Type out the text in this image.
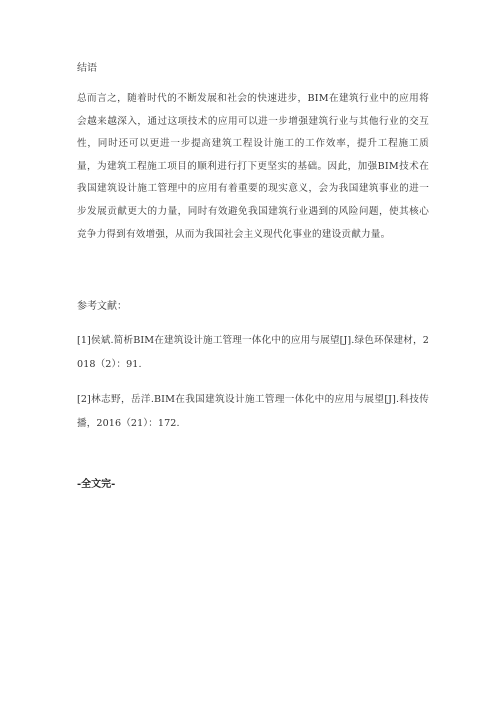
结语
总而言之，随着时代的不断发展和社会的快速进步，BIM在建筑行业中的应用将会越来越深入，通过这项技术的应用可以进一步增强建筑行业与其他行业的交互性，同时还可以更进一步提高建筑工程设计施工的工作效率，提升工程施工质量，为建筑工程施工项目的顺利进行打下更坚实的基础。因此，加强BIM技术在我国建筑设计施工管理中的应用有着重要的现实意义，会为我国建筑事业的进一步发展贡献更大的力量，同时有效避免我国建筑行业遇到的风险问题，使其核心竞争力得到有效增强，从而为我国社会主义现代化事业的建设贡献力量。
参考文献：
[1]侯斌.简析BIM在建筑设计施工管理一体化中的应用与展望[J].绿色环保建材，2018（2）：91.
[2]林志野，岳洋.BIM在我国建筑设计施工管理一体化中的应用与展望[J].科技传播，2016（21）：172.
-全文完-
